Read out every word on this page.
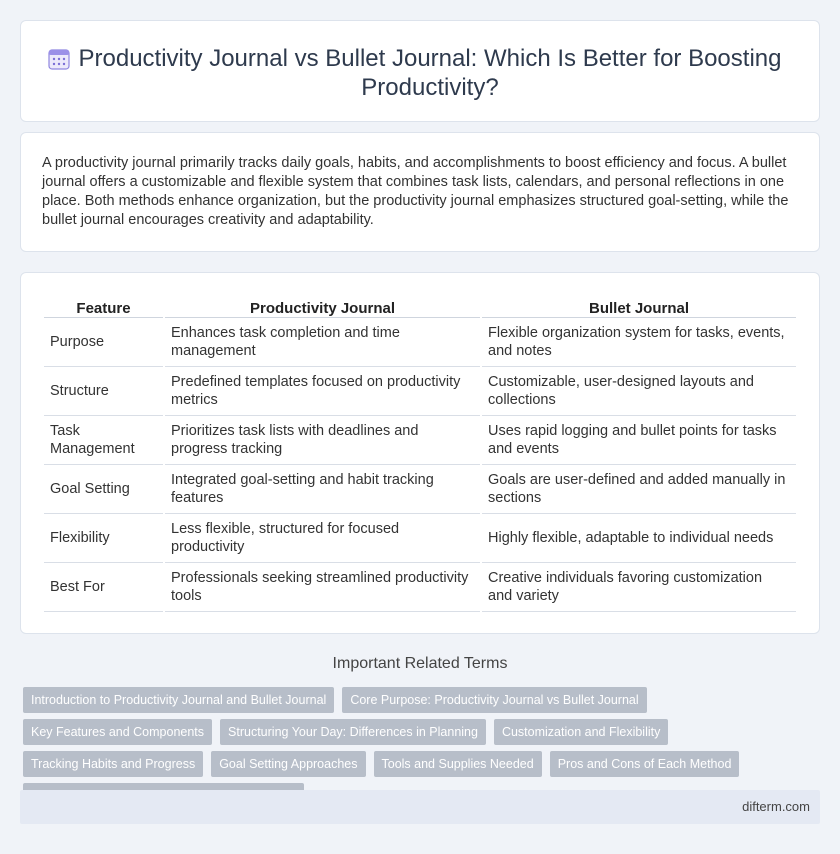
Productivity Journal vs Bullet Journal: Which Is Better for Boosting Productivity?

A productivity journal primarily tracks daily goals, habits, and accomplishments to boost efficiency and focus. A bullet journal offers a customizable and flexible system that combines task lists, calendars, and personal reflections in one place. Both methods enhance organization, but the productivity journal emphasizes structured goal-setting, while the bullet journal encourages creativity and adaptability.

Feature	Productivity Journal	Bullet Journal
Purpose	Enhances task completion and time management	Flexible organization system for tasks, events, and notes
Structure	Predefined templates focused on productivity metrics	Customizable, user-designed layouts and collections
Task Management	Prioritizes task lists with deadlines and progress tracking	Uses rapid logging and bullet points for tasks and events
Goal Setting	Integrated goal-setting and habit tracking features	Goals are user-defined and added manually in sections
Flexibility	Less flexible, structured for focused productivity	Highly flexible, adaptable to individual needs
Best For	Professionals seeking streamlined productivity tools	Creative individuals favoring customization and variety
Important Related Terms
Introduction to Productivity Journal and Bullet Journal	Core Purpose: Productivity Journal vs Bullet Journal
Key Features and Components	Structuring Your Day: Differences in Planning	Customization and Flexibility
Tracking Habits and Progress	Goal Setting Approaches	Tools and Supplies Needed	Pros and Cons of Each Method
difterm.com
